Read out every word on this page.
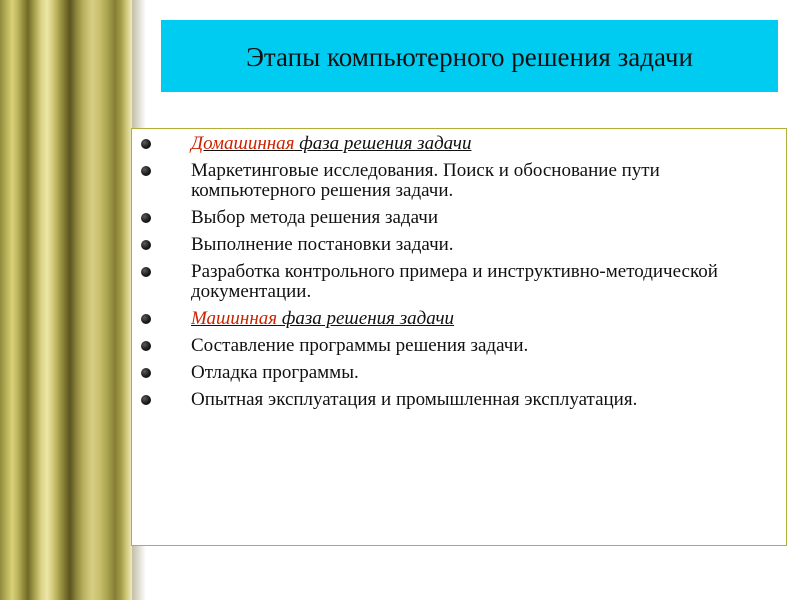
Этапы компьютерного решения задачи
Домашинная фаза решения задачи
Маркетинговые исследования. Поиск и обоснование пути компьютерного решения задачи.
Выбор метода решения задачи
Выполнение постановки задачи.
Разработка контрольного примера и инструктивно-методической документации.
Машинная фаза решения задачи
Составление программы решения задачи.
Отладка программы.
Опытная эксплуатация и промышленная эксплуатация.
